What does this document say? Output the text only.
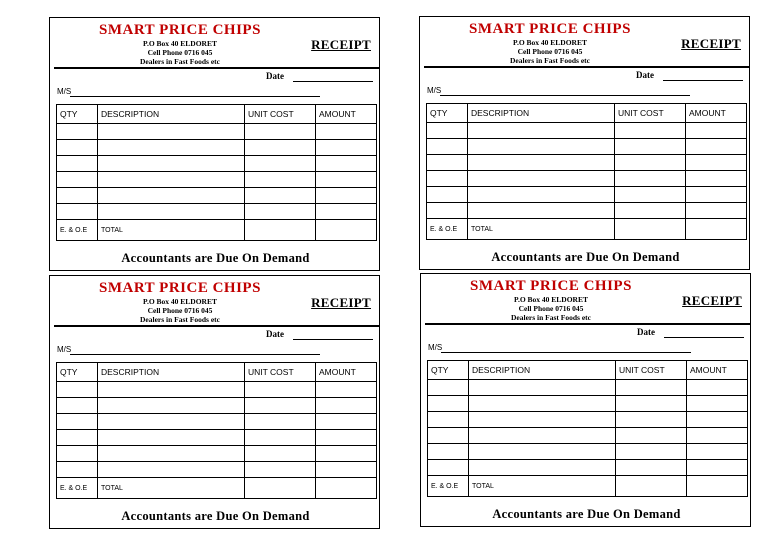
SMART PRICE CHIPS
P.O Box 40 ELDORET
Cell Phone 0716 045
Dealers in Fast Foods etc
RECEIPT
Date
M/S
QTY	DESCRIPTION	UNIT COST	AMOUNT

E. & O.E	TOTAL		
Accountants are Due On Demand
SMART PRICE CHIPS
P.O Box 40 ELDORET
Cell Phone 0716 045
Dealers in Fast Foods etc
RECEIPT
Date
M/S
QTY	DESCRIPTION	UNIT COST	AMOUNT

E. & O.E	TOTAL		
Accountants are Due On Demand
SMART PRICE CHIPS
P.O Box 40 ELDORET
Cell Phone 0716 045
Dealers in Fast Foods etc
RECEIPT
Date
M/S
QTY	DESCRIPTION	UNIT COST	AMOUNT

E. & O.E	TOTAL		
Accountants are Due On Demand
SMART PRICE CHIPS
P.O Box 40 ELDORET
Cell Phone 0716 045
Dealers in Fast Foods etc
RECEIPT
Date
M/S
QTY	DESCRIPTION	UNIT COST	AMOUNT

E. & O.E	TOTAL		
Accountants are Due On Demand
